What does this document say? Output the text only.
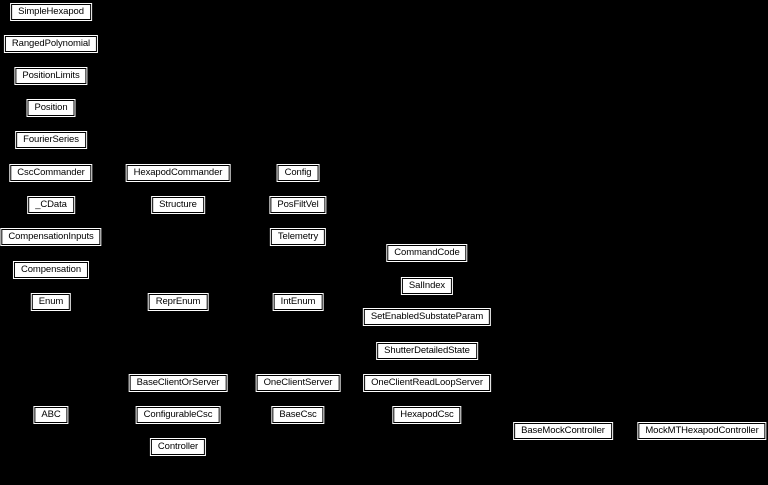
SimpleHexapod
RangedPolynomial
PositionLimits
Position
FourierSeries
CscCommander
_CData
CompensationInputs
Compensation
Enum
ABC
HexapodCommander
Structure
ReprEnum
BaseClientOrServer
ConfigurableCsc
Controller
Config
PosFiltVel
Telemetry
IntEnum
OneClientServer
BaseCsc
CommandCode
SalIndex
SetEnabledSubstateParam
ShutterDetailedState
OneClientReadLoopServer
HexapodCsc
BaseMockController	MockMTHexapodController
